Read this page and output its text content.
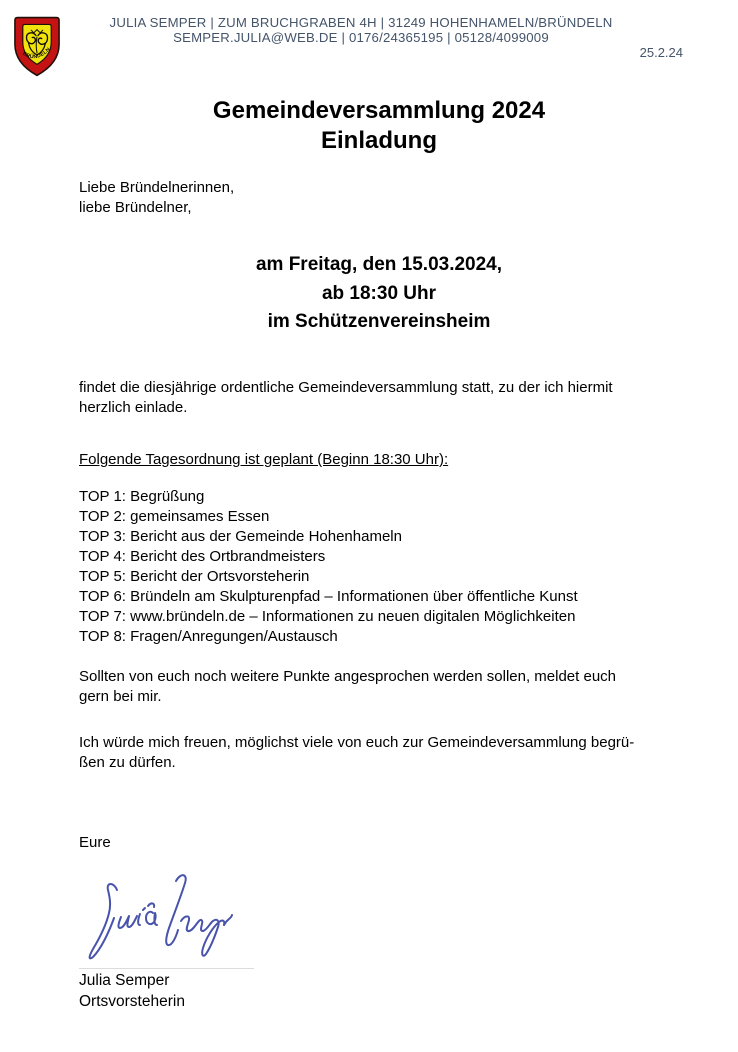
BRÜNDELN
JULIA SEMPER | ZUM BRUCHGRABEN 4H | 31249 HOHENHAMELN/BRÜNDELN
SEMPER.JULIA@WEB.DE | 0176/24365195 | 05128/4099009
25.2.24
Gemeindeversammlung 2024
Einladung
Liebe Bründelnerinnen,
liebe Bründelner,
am Freitag, den 15.03.2024,
ab 18:30 Uhr
im Schützenvereinsheim
findet die diesjährige ordentliche Gemeindeversammlung statt, zu der ich hiermit
herzlich einlade.
Folgende Tagesordnung ist geplant (Beginn 18:30 Uhr):
TOP 1: Begrüßung
TOP 2: gemeinsames Essen
TOP 3: Bericht aus der Gemeinde Hohenhameln
TOP 4: Bericht des Ortbrandmeisters
TOP 5: Bericht der Ortsvorsteherin
TOP 6: Bründeln am Skulpturenpfad – Informationen über öffentliche Kunst
TOP 7: www.bründeln.de – Informationen zu neuen digitalen Möglichkeiten
TOP 8: Fragen/Anregungen/Austausch
Sollten von euch noch weitere Punkte angesprochen werden sollen, meldet euch
gern bei mir.
Ich würde mich freuen, möglichst viele von euch zur Gemeindeversammlung begrü-
ßen zu dürfen.
Eure
Julia Semper
Ortsvorsteherin
